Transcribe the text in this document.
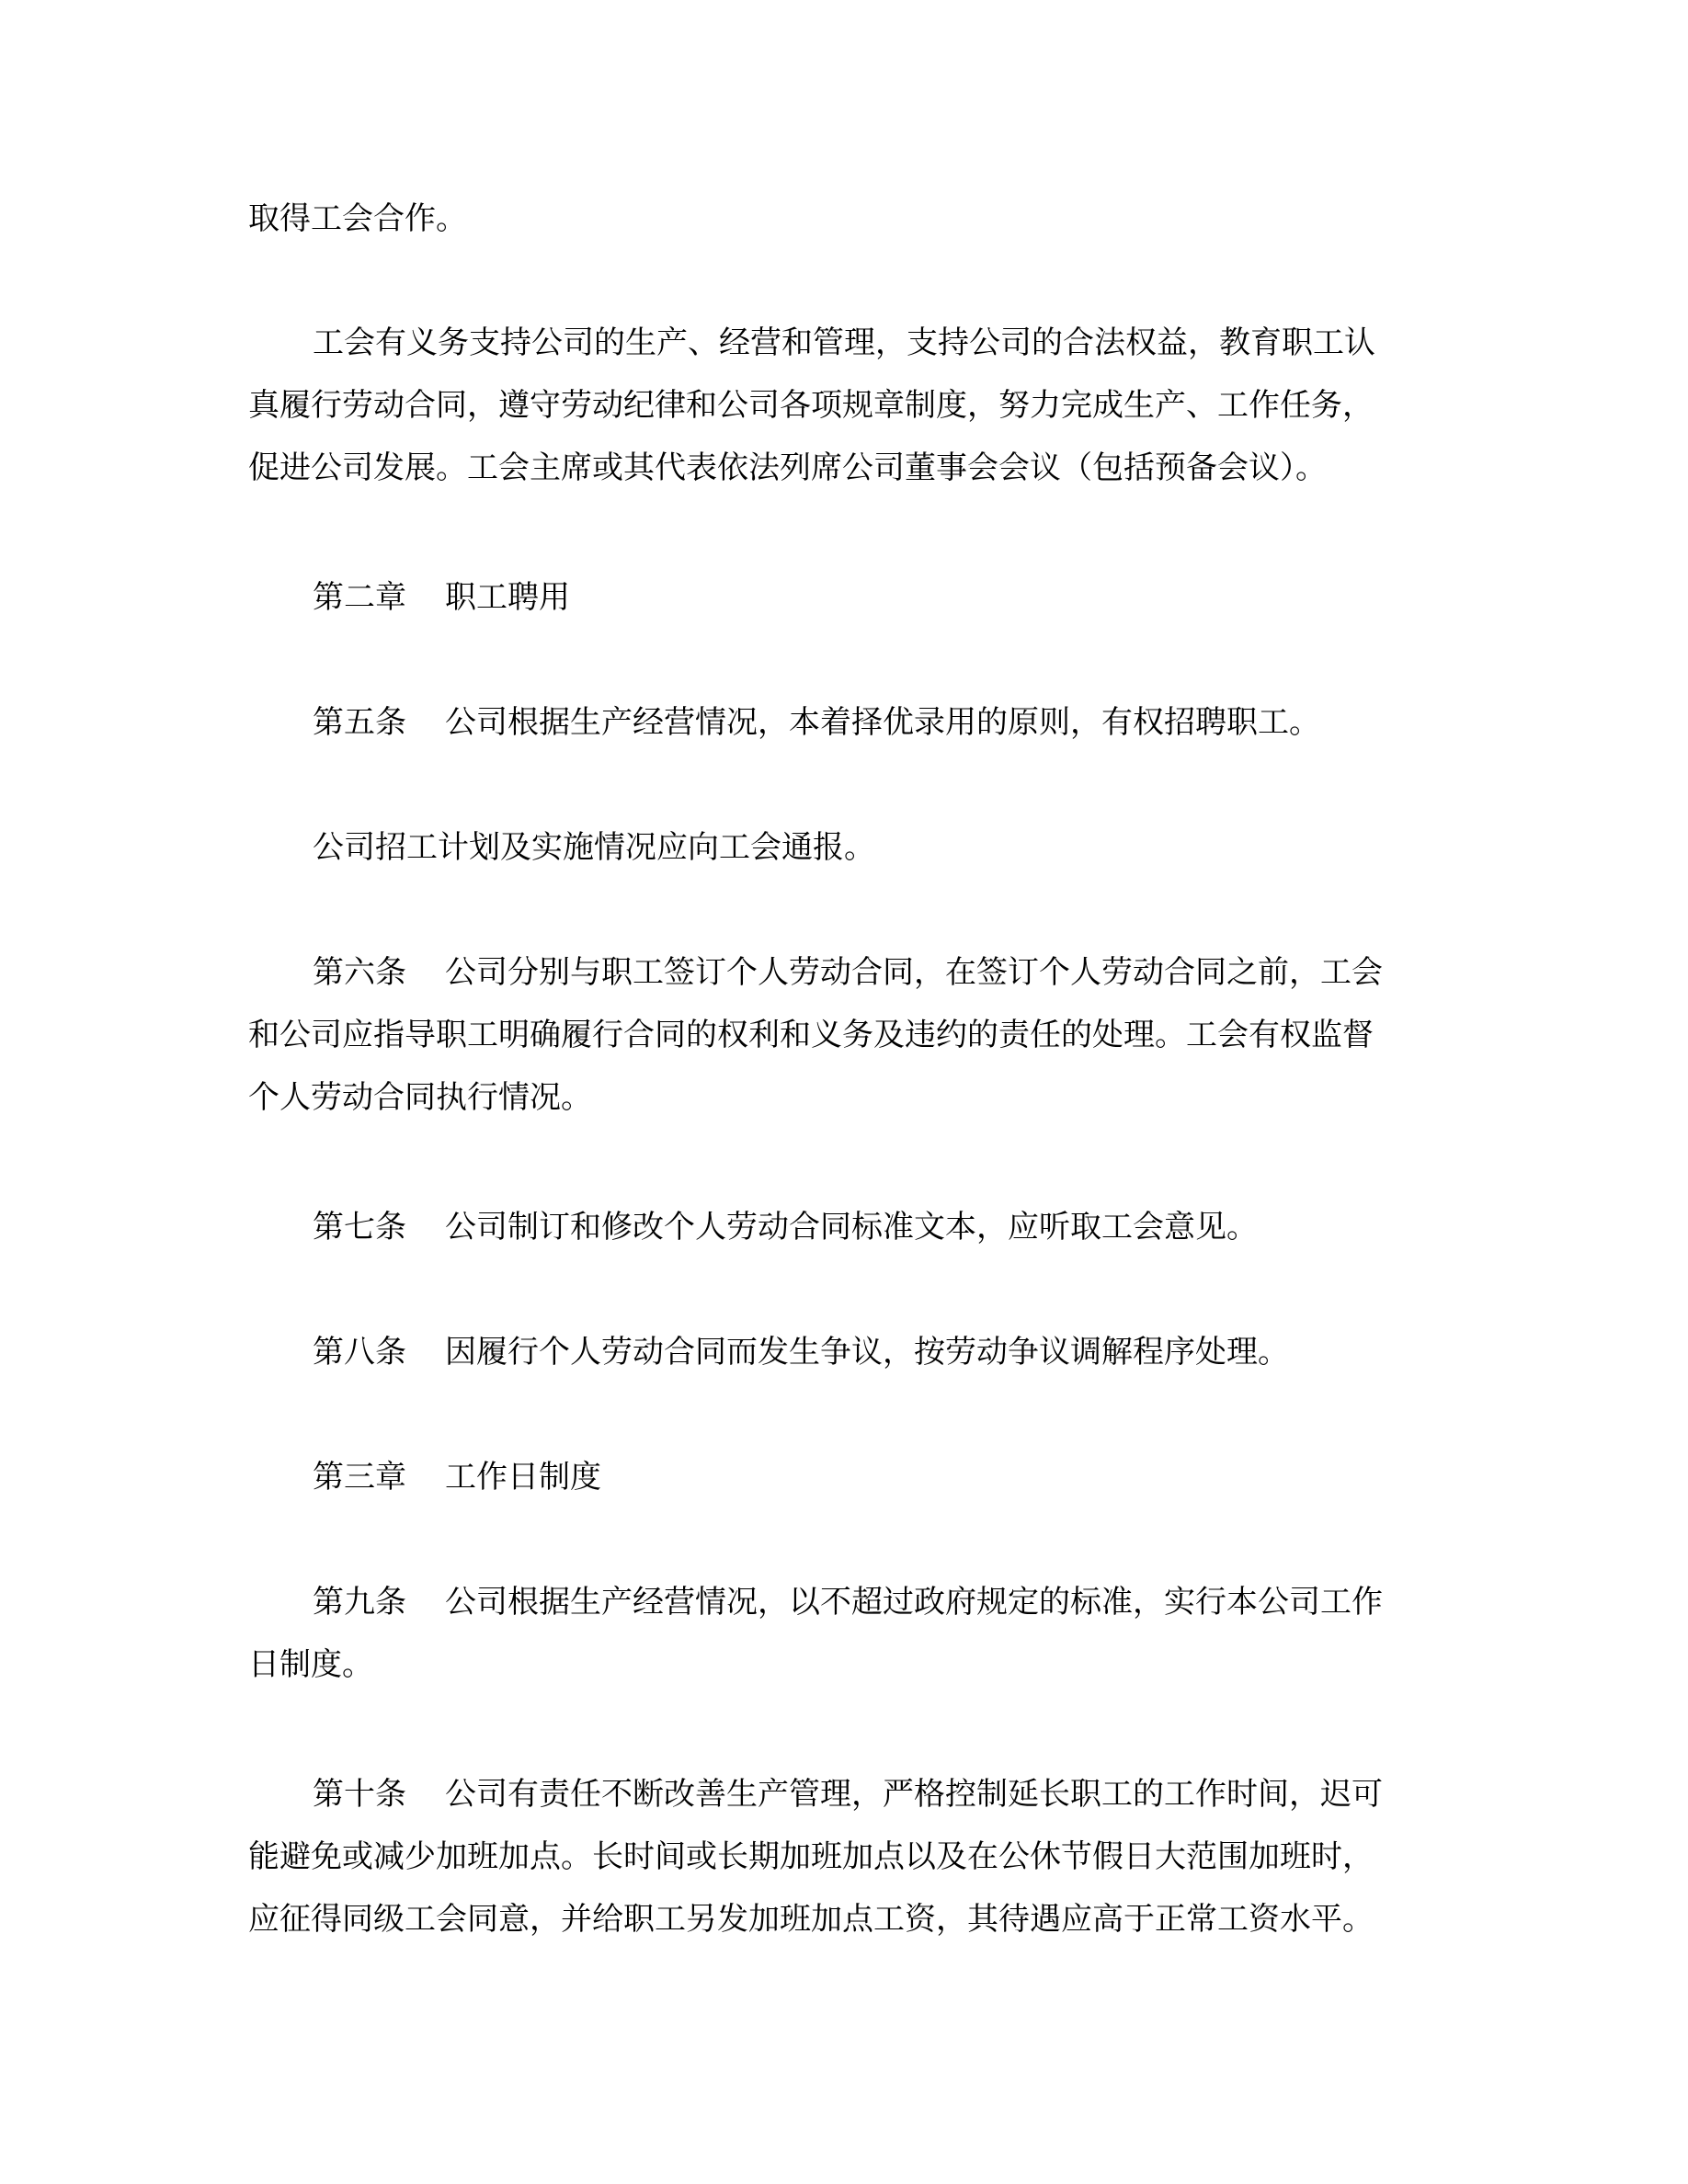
取得工会合作。
工会有义务支持公司的生产、经营和管理，支持公司的合法权益，教育职工认
真履行劳动合同，遵守劳动纪律和公司各项规章制度，努力完成生产、工作任务，
促进公司发展。工会主席或其代表依法列席公司董事会会议（包括预备会议）。
第二章 职工聘用
第五条 公司根据生产经营情况，本着择优录用的原则，有权招聘职工。
公司招工计划及实施情况应向工会通报。
第六条 公司分别与职工签订个人劳动合同，在签订个人劳动合同之前，工会
和公司应指导职工明确履行合同的权利和义务及违约的责任的处理。工会有权监督
个人劳动合同执行情况。
第七条 公司制订和修改个人劳动合同标准文本，应听取工会意见。
第八条 因履行个人劳动合同而发生争议，按劳动争议调解程序处理。
第三章 工作日制度
第九条 公司根据生产经营情况，以不超过政府规定的标准，实行本公司工作
日制度。
第十条 公司有责任不断改善生产管理，严格控制延长职工的工作时间，迟可
能避免或减少加班加点。长时间或长期加班加点以及在公休节假日大范围加班时，
应征得同级工会同意，并给职工另发加班加点工资，其待遇应高于正常工资水平。
